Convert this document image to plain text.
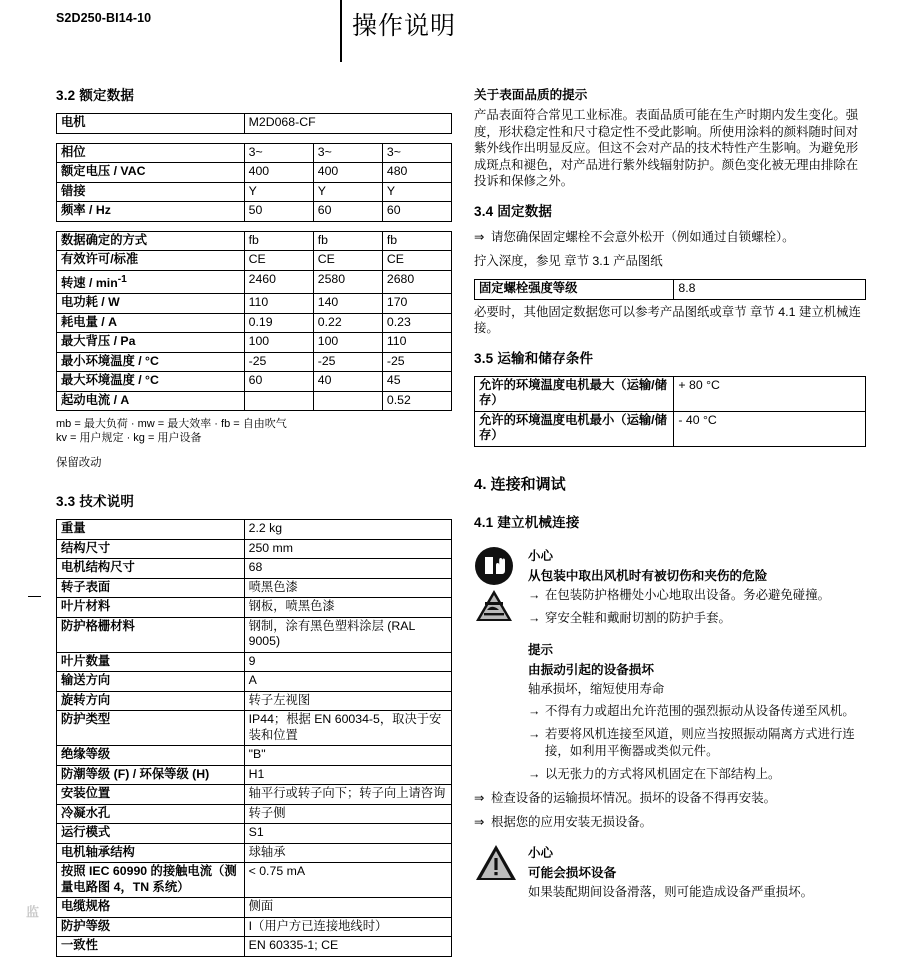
S2D250-BI14-10	操作说明
监
3.2 额定数据
电机	M2D068-CF
相位	3~	3~	3~
额定电压 / VAC	400	400	480
错接	Y	Y	Y
频率 / Hz	50	60	60
数据确定的方式	fb	fb	fb
有效许可/标准	CE	CE	CE
转速 / $\min^{-1}$	2460	2580	2680
电功耗 / W	110	140	170
耗电量 / A	0.19	0.22	0.23
最大背压 / Pa	100	100	110
最小环境温度 / °C	-25	-25	-25
最大环境温度 / °C	60	40	45
起动电流 / A			0.52
mb = 最大负荷 · mw = 最大效率 · fb = 自由吹气
kv = 用户规定 · kg = 用户设备
保留改动
3.3 技术说明
重量	2.2 kg
结构尺寸	250 mm
电机结构尺寸	68
转子表面	喷黑色漆
叶片材料	钢板，喷黑色漆
防护格栅材料	钢制，涂有黑色塑料涂层 (RAL 9005)
叶片数量	9
输送方向	A
旋转方向	转子左视图
防护类型	IP44；根据 EN 60034-5，取决于安装和位置
绝缘等级	"B"
防潮等级 (F) / 环保等级 (H)	H1
安装位置	轴平行或转子向下；转子向上请咨询
冷凝水孔	转子侧
运行模式	S1
电机轴承结构	球轴承
按照 IEC 60990 的接触电流（测量电路图 4，TN 系统）	< 0.75 mA
电缆规格	侧面
防护等级	I（用户方已连接地线时）
一致性	EN 60335-1; CE
关于表面品质的提示

产品表面符合常见工业标准。表面品质可能在生产时期内发生变化。强度，形状稳定性和尺寸稳定性不受此影响。所使用涂料的颜料随时间对紫外线作出明显反应。但这不会对产品的技术特性产生影响。为避免形成斑点和褪色，对产品进行紫外线辐射防护。颜色变化被无理由排除在投诉和保修之外。

3.4 固定数据
⇒ 请您确保固定螺栓不会意外松开（例如通过自锁螺栓）。

拧入深度，参见 章节 3.1 产品图纸

固定螺栓强度等级	8.8

必要时，其他固定数据您可以参考产品图纸或章节 章节 4.1 建立机械连接。

3.5 运输和储存条件
允许的环境温度电机最大（运输/储存）	+ 80 °C
允许的环境温度电机最小（运输/储存）	- 40 °C
4. 连接和调试
4.1 建立机械连接
小心
从包装中取出风机时有被切伤和夹伤的危险
→ 在包装防护格栅处小心地取出设备。务必避免碰撞。
→ 穿安全鞋和戴耐切割的防护手套。
提示
由振动引起的设备损坏
轴承损坏，缩短使用寿命
→ 不得有力或超出允许范围的强烈振动从设备传递至风机。
→ 若要将风机连接至风道，则应当按照振动隔离方式进行连接，如利用平衡器或类似元件。
→ 以无张力的方式将风机固定在下部结构上。
⇒ 检查设备的运输损坏情况。损坏的设备不得再安装。
⇒ 根据您的应用安装无损设备。
小心
可能会损坏设备
如果装配期间设备滑落，则可能造成设备严重损坏。
